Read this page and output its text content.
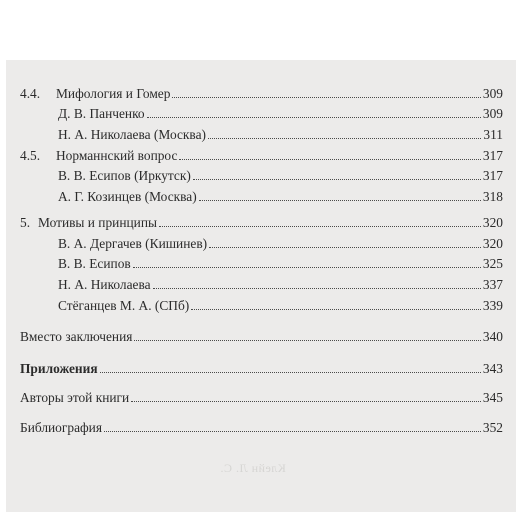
4.4.	Мифология и Гомер	309
Д. В. Панченко	309
Н. А. Николаева (Москва)	311
4.5.	Норманнский вопрос	317
В. В. Есипов (Иркутск)	317
А. Г. Козинцев (Москва)	318
5. Мотивы и принципы	320
В. А. Дергачев (Кишинев)	320
В. В. Есипов	325
Н. А. Николаева	337
Стёганцев М. А. (СПб)	339
Вместо заключения	340
Приложения	343
Авторы этой книги	345
Библиография	352
Клейн Л. С.
